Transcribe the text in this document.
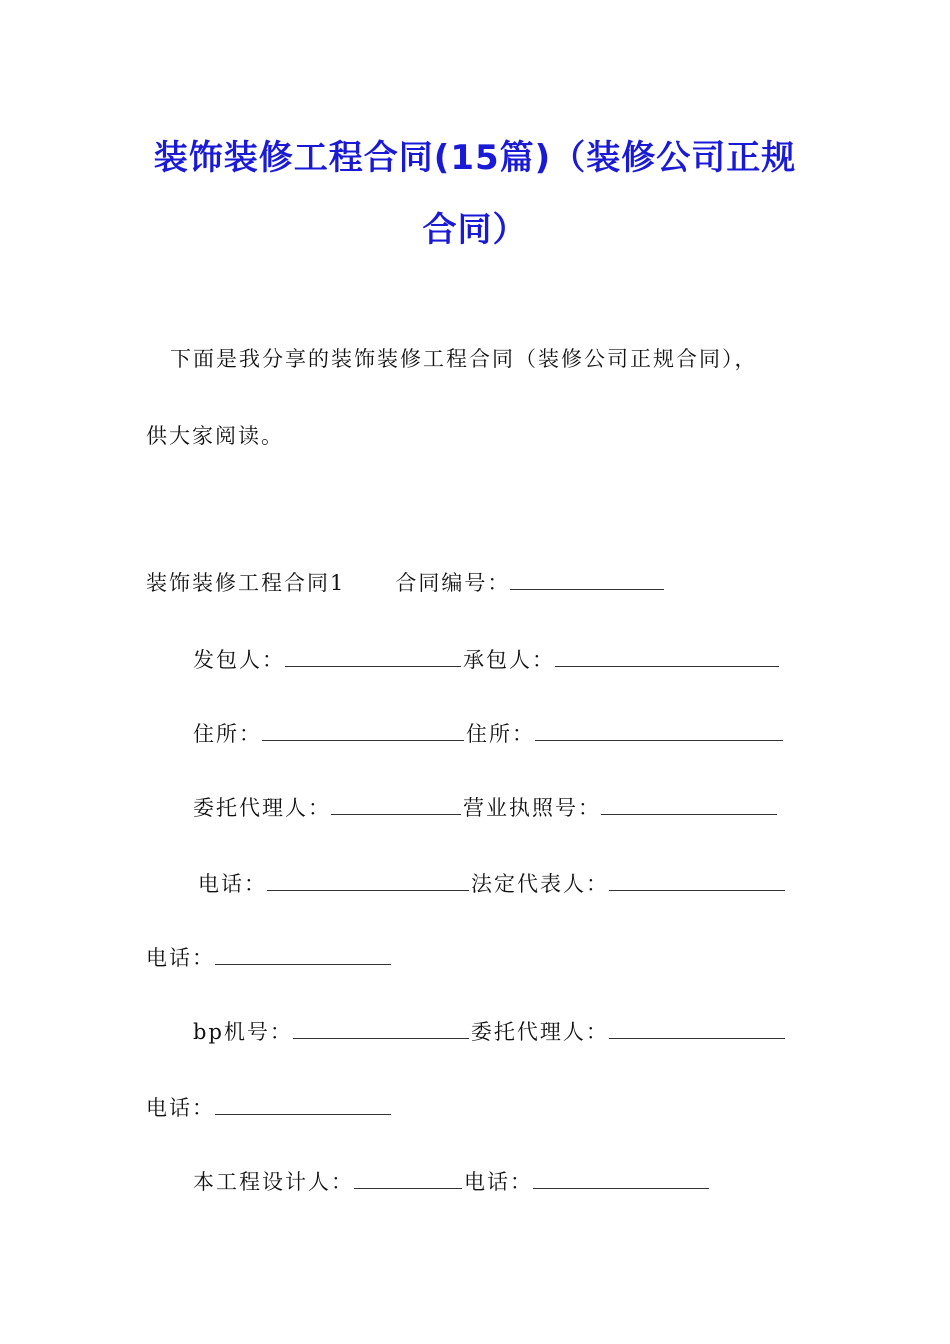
装饰装修工程合同(15篇)（装修公司正规
合同）
下面是我分享的装饰装修工程合同（装修公司正规合同），
供大家阅读。
装饰装修工程合同1 合同编号：
发包人：	承包人：
住所：	住所：
委托代理人：	营业执照号：
电话：	法定代表人：
电话：
bp机号：	委托代理人：
电话：
本工程设计人：	电话：
